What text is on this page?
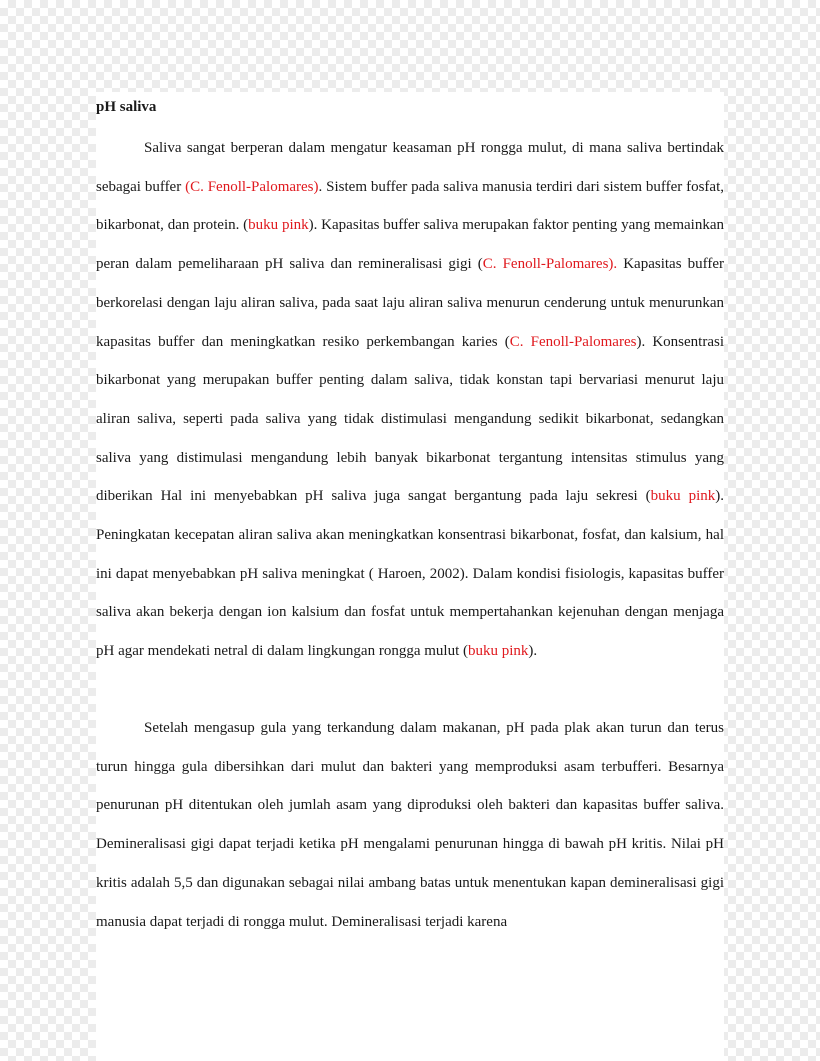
pH saliva

Saliva sangat berperan dalam mengatur keasaman pH rongga mulut, di mana saliva bertindak sebagai buffer (C. Fenoll-Palomares). Sistem buffer pada saliva manusia terdiri dari sistem buffer fosfat, bikarbonat, dan protein. (buku pink). Kapasitas buffer saliva merupakan faktor penting yang memainkan peran dalam pemeliharaan pH saliva dan remineralisasi gigi (C. Fenoll-Palomares). Kapasitas buffer berkorelasi dengan laju aliran saliva, pada saat laju aliran saliva menurun cenderung untuk menurunkan kapasitas buffer dan meningkatkan resiko perkembangan karies (C. Fenoll-Palomares). Konsentrasi bikarbonat yang merupakan buffer penting dalam saliva, tidak konstan tapi bervariasi menurut laju aliran saliva, seperti pada saliva yang tidak distimulasi mengandung sedikit bikarbonat, sedangkan saliva yang distimulasi mengandung lebih banyak bikarbonat tergantung intensitas stimulus yang diberikan Hal ini menyebabkan pH saliva juga sangat bergantung pada laju sekresi (buku pink). Peningkatan kecepatan aliran saliva akan meningkatkan konsentrasi bikarbonat, fosfat, dan kalsium, hal ini dapat menyebabkan pH saliva meningkat ( Haroen, 2002). Dalam kondisi fisiologis, kapasitas buffer saliva akan bekerja dengan ion kalsium dan fosfat untuk mempertahankan kejenuhan dengan menjaga pH agar mendekati netral di dalam lingkungan rongga mulut (buku pink).

Setelah mengasup gula yang terkandung dalam makanan, pH pada plak akan turun dan terus turun hingga gula dibersihkan dari mulut dan bakteri yang memproduksi asam terbufferi. Besarnya penurunan pH ditentukan oleh jumlah asam yang diproduksi oleh bakteri dan kapasitas buffer saliva. Demineralisasi gigi dapat terjadi ketika pH mengalami penurunan hingga di bawah pH kritis. Nilai pH kritis adalah 5,5 dan digunakan sebagai nilai ambang batas untuk menentukan kapan demineralisasi gigi manusia dapat terjadi di rongga mulut. Demineralisasi terjadi karena
